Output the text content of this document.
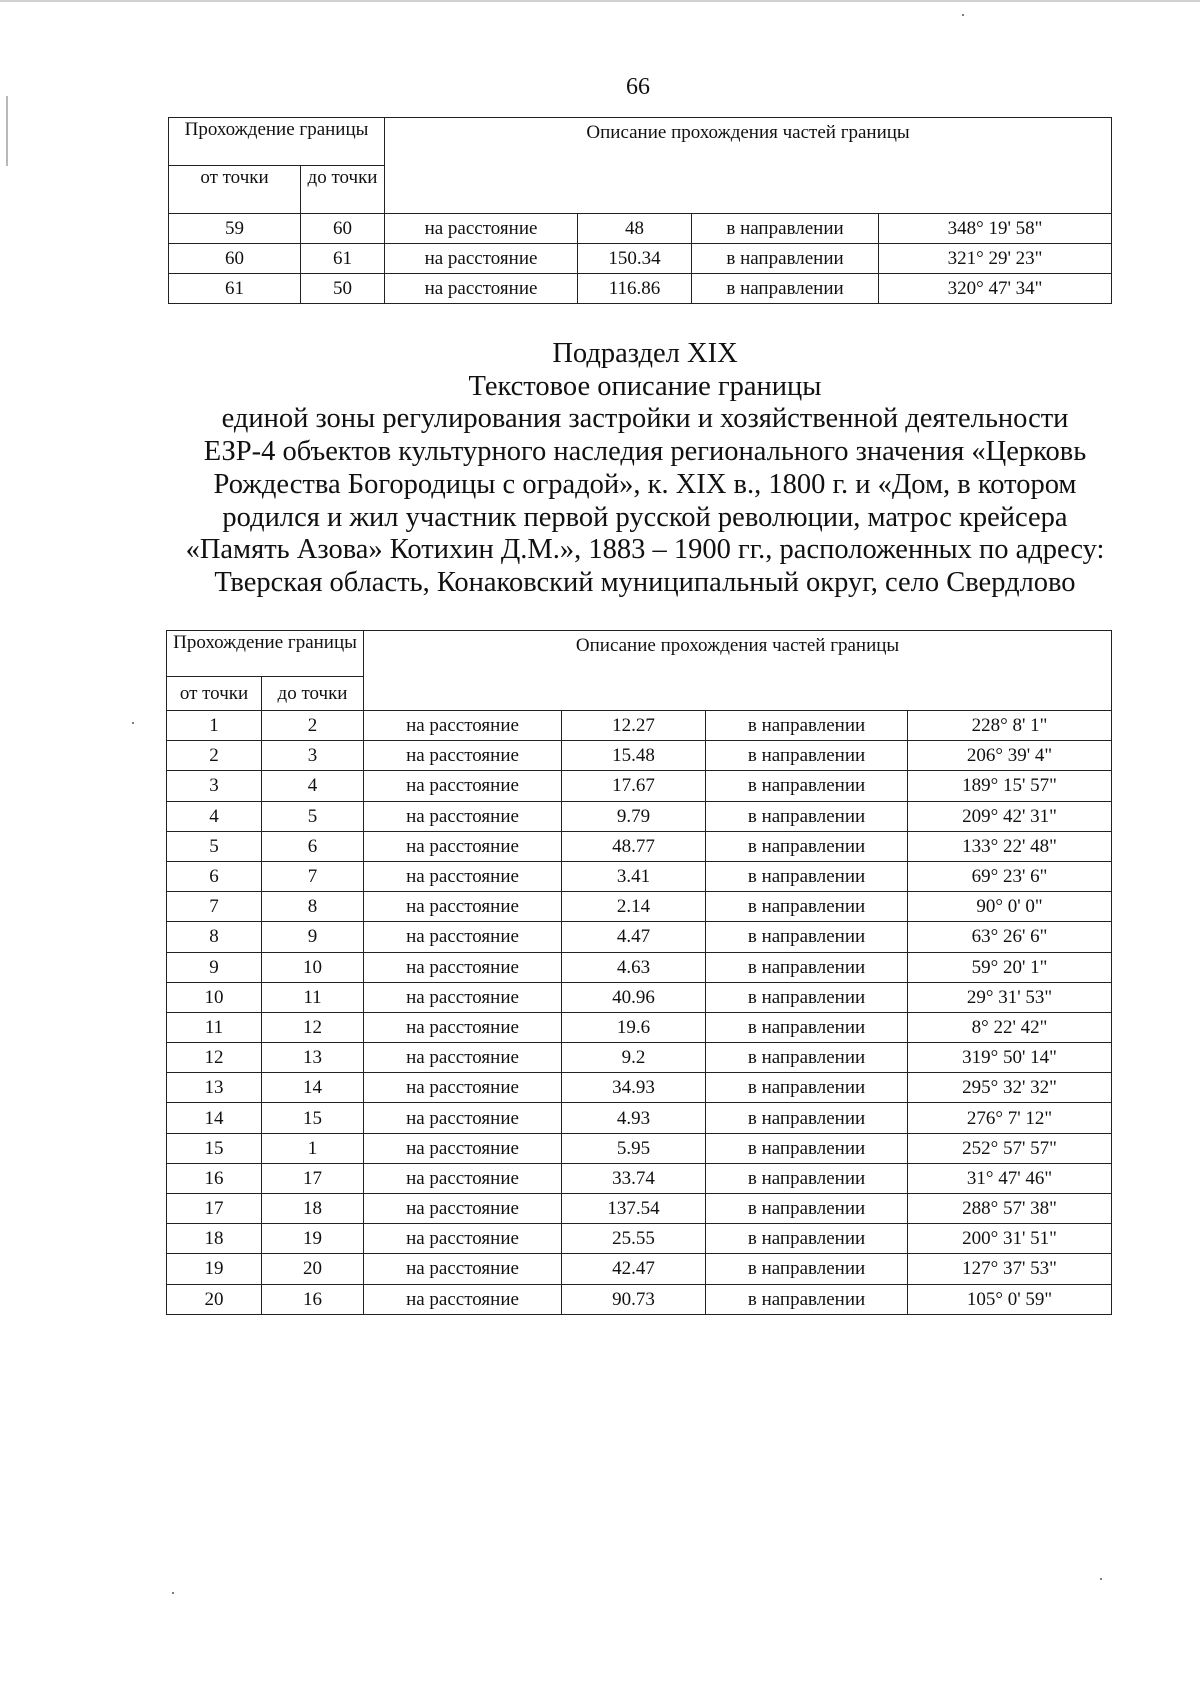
66
Прохождение границы		Описание прохождения частей границы			
от точки	до точки				
59	60	на расстояние	48	в направлении	348° 19' 58"
60	61	на расстояние	150.34	в направлении	321° 29' 23"
61	50	на расстояние	116.86	в направлении	320° 47' 34"
Подраздел XIX
Текстовое описание границы
единой зоны регулирования застройки и хозяйственной деятельности
ЕЗР-4 объектов культурного наследия регионального значения «Церковь
Рождества Богородицы с оградой», к. XIX в., 1800 г. и «Дом, в котором
родился и жил участник первой русской революции, матрос крейсера
«Память Азова» Котихин Д.М.», 1883 – 1900 гг., расположенных по адресу:
Тверская область, Конаковский муниципальный округ, село Свердлово
Прохождение границы		Описание прохождения частей границы			
от точки	до точки				
1	2	на расстояние	12.27	в направлении	228° 8' 1"
2	3	на расстояние	15.48	в направлении	206° 39' 4"
3	4	на расстояние	17.67	в направлении	189° 15' 57"
4	5	на расстояние	9.79	в направлении	209° 42' 31"
5	6	на расстояние	48.77	в направлении	133° 22' 48"
6	7	на расстояние	3.41	в направлении	69° 23' 6"
7	8	на расстояние	2.14	в направлении	90° 0' 0"
8	9	на расстояние	4.47	в направлении	63° 26' 6"
9	10	на расстояние	4.63	в направлении	59° 20' 1"
10	11	на расстояние	40.96	в направлении	29° 31' 53"
11	12	на расстояние	19.6	в направлении	8° 22' 42"
12	13	на расстояние	9.2	в направлении	319° 50' 14"
13	14	на расстояние	34.93	в направлении	295° 32' 32"
14	15	на расстояние	4.93	в направлении	276° 7' 12"
15	1	на расстояние	5.95	в направлении	252° 57' 57"
16	17	на расстояние	33.74	в направлении	31° 47' 46"
17	18	на расстояние	137.54	в направлении	288° 57' 38"
18	19	на расстояние	25.55	в направлении	200° 31' 51"
19	20	на расстояние	42.47	в направлении	127° 37' 53"
20	16	на расстояние	90.73	в направлении	105° 0' 59"
